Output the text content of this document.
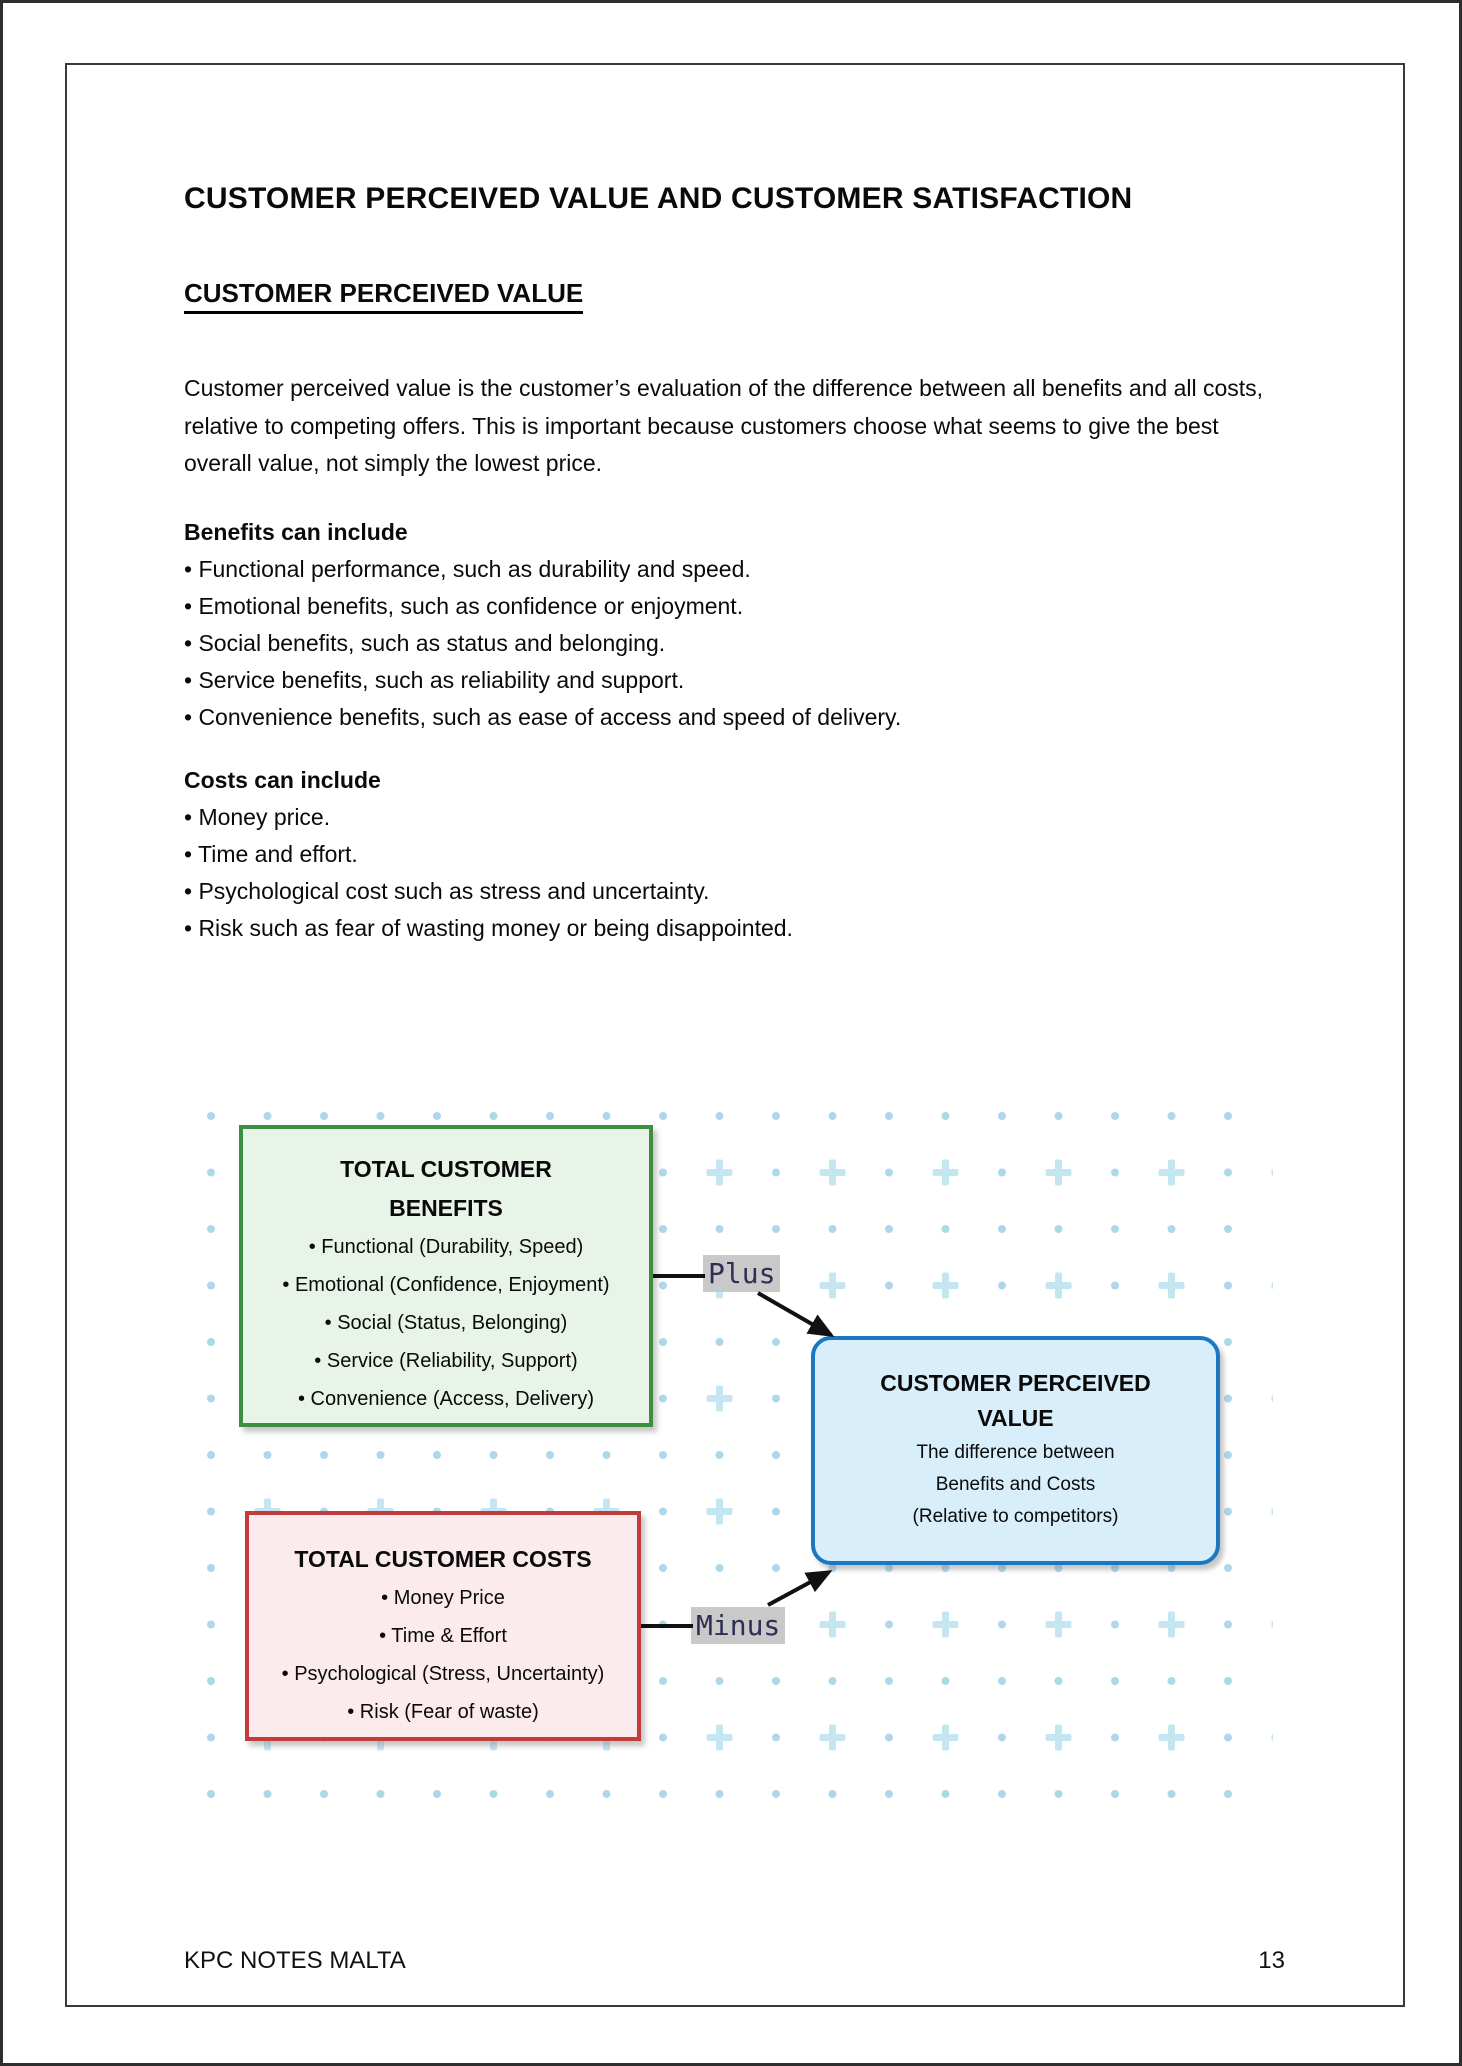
CUSTOMER PERCEIVED VALUE AND CUSTOMER SATISFACTION
CUSTOMER PERCEIVED VALUE
Customer perceived value is the customer’s evaluation of the difference between all benefits and all costs, relative to competing offers. This is important because customers choose what seems to give the best overall value, not simply the lowest price.
Benefits can include
• Functional performance, such as durability and speed.
• Emotional benefits, such as confidence or enjoyment.
• Social benefits, such as status and belonging.
• Service benefits, such as reliability and support.
• Convenience benefits, such as ease of access and speed of delivery.
Costs can include
• Money price.
• Time and effort.
• Psychological cost such as stress and uncertainty.
• Risk such as fear of wasting money or being disappointed.
TOTAL CUSTOMER
BENEFITS
• Functional (Durability, Speed)
• Emotional (Confidence, Enjoyment)
• Social (Status, Belonging)
• Service (Reliability, Support)
• Convenience (Access, Delivery)
TOTAL CUSTOMER COSTS
• Money Price
• Time & Effort
• Psychological (Stress, Uncertainty)
• Risk (Fear of waste)
CUSTOMER PERCEIVED
VALUE
The difference between
Benefits and Costs
(Relative to competitors)
Plus
Minus
KPC NOTES MALTA	13
